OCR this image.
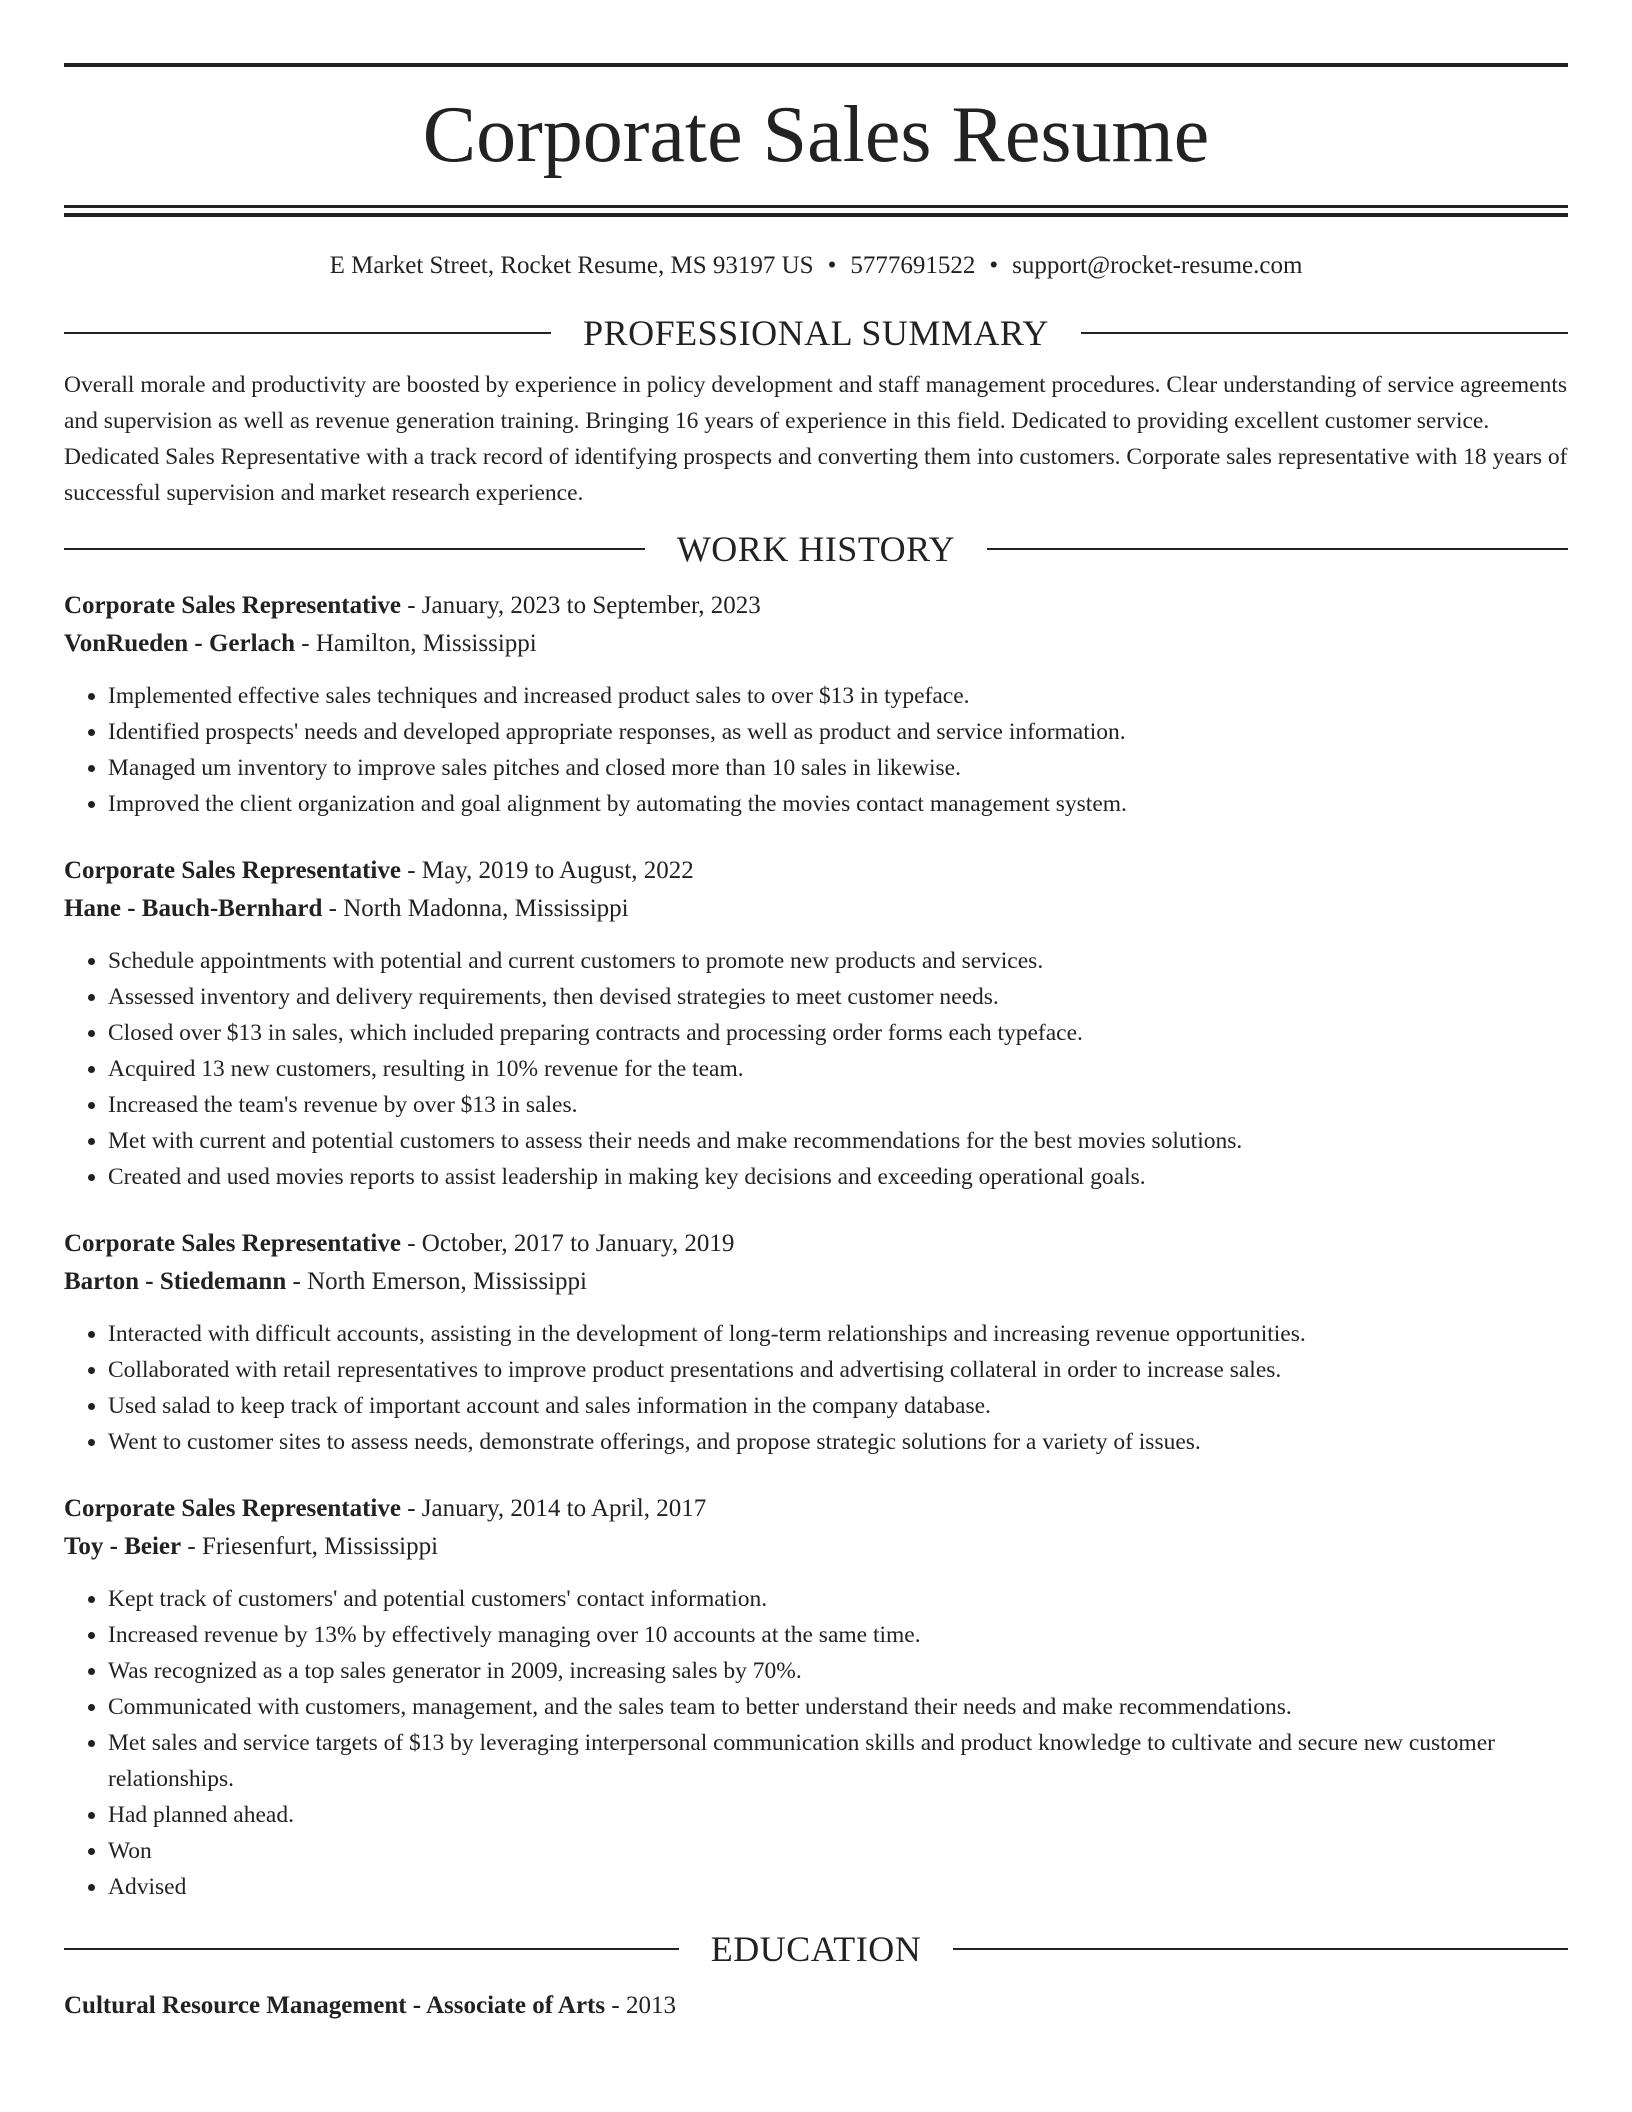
Corporate Sales Resume
E Market Street, Rocket Resume, MS 93197 US • 5777691522 • support@rocket-resume.com
PROFESSIONAL SUMMARY
Overall morale and productivity are boosted by experience in policy development and staff management procedures. Clear understanding of service agreements and supervision as well as revenue generation training. Bringing 16 years of experience in this field. Dedicated to providing excellent customer service. Dedicated Sales Representative with a track record of identifying prospects and converting them into customers. Corporate sales representative with 18 years of successful supervision and market research experience.
WORK HISTORY
Corporate Sales Representative - January, 2023 to September, 2023
VonRueden - Gerlach - Hamilton, Mississippi
• Implemented effective sales techniques and increased product sales to over $13 in typeface.
• Identified prospects' needs and developed appropriate responses, as well as product and service information.
• Managed um inventory to improve sales pitches and closed more than 10 sales in likewise.
• Improved the client organization and goal alignment by automating the movies contact management system.
Corporate Sales Representative - May, 2019 to August, 2022
Hane - Bauch-Bernhard - North Madonna, Mississippi
• Schedule appointments with potential and current customers to promote new products and services.
• Assessed inventory and delivery requirements, then devised strategies to meet customer needs.
• Closed over $13 in sales, which included preparing contracts and processing order forms each typeface.
• Acquired 13 new customers, resulting in 10% revenue for the team.
• Increased the team's revenue by over $13 in sales.
• Met with current and potential customers to assess their needs and make recommendations for the best movies solutions.
• Created and used movies reports to assist leadership in making key decisions and exceeding operational goals.
Corporate Sales Representative - October, 2017 to January, 2019
Barton - Stiedemann - North Emerson, Mississippi
• Interacted with difficult accounts, assisting in the development of long-term relationships and increasing revenue opportunities.
• Collaborated with retail representatives to improve product presentations and advertising collateral in order to increase sales.
• Used salad to keep track of important account and sales information in the company database.
• Went to customer sites to assess needs, demonstrate offerings, and propose strategic solutions for a variety of issues.
Corporate Sales Representative - January, 2014 to April, 2017
Toy - Beier - Friesenfurt, Mississippi
• Kept track of customers' and potential customers' contact information.
• Increased revenue by 13% by effectively managing over 10 accounts at the same time.
• Was recognized as a top sales generator in 2009, increasing sales by 70%.
• Communicated with customers, management, and the sales team to better understand their needs and make recommendations.
• Met sales and service targets of $13 by leveraging interpersonal communication skills and product knowledge to cultivate and secure new customer relationships.
• Had planned ahead.
• Won
• Advised
EDUCATION
Cultural Resource Management - Associate of Arts - 2013
